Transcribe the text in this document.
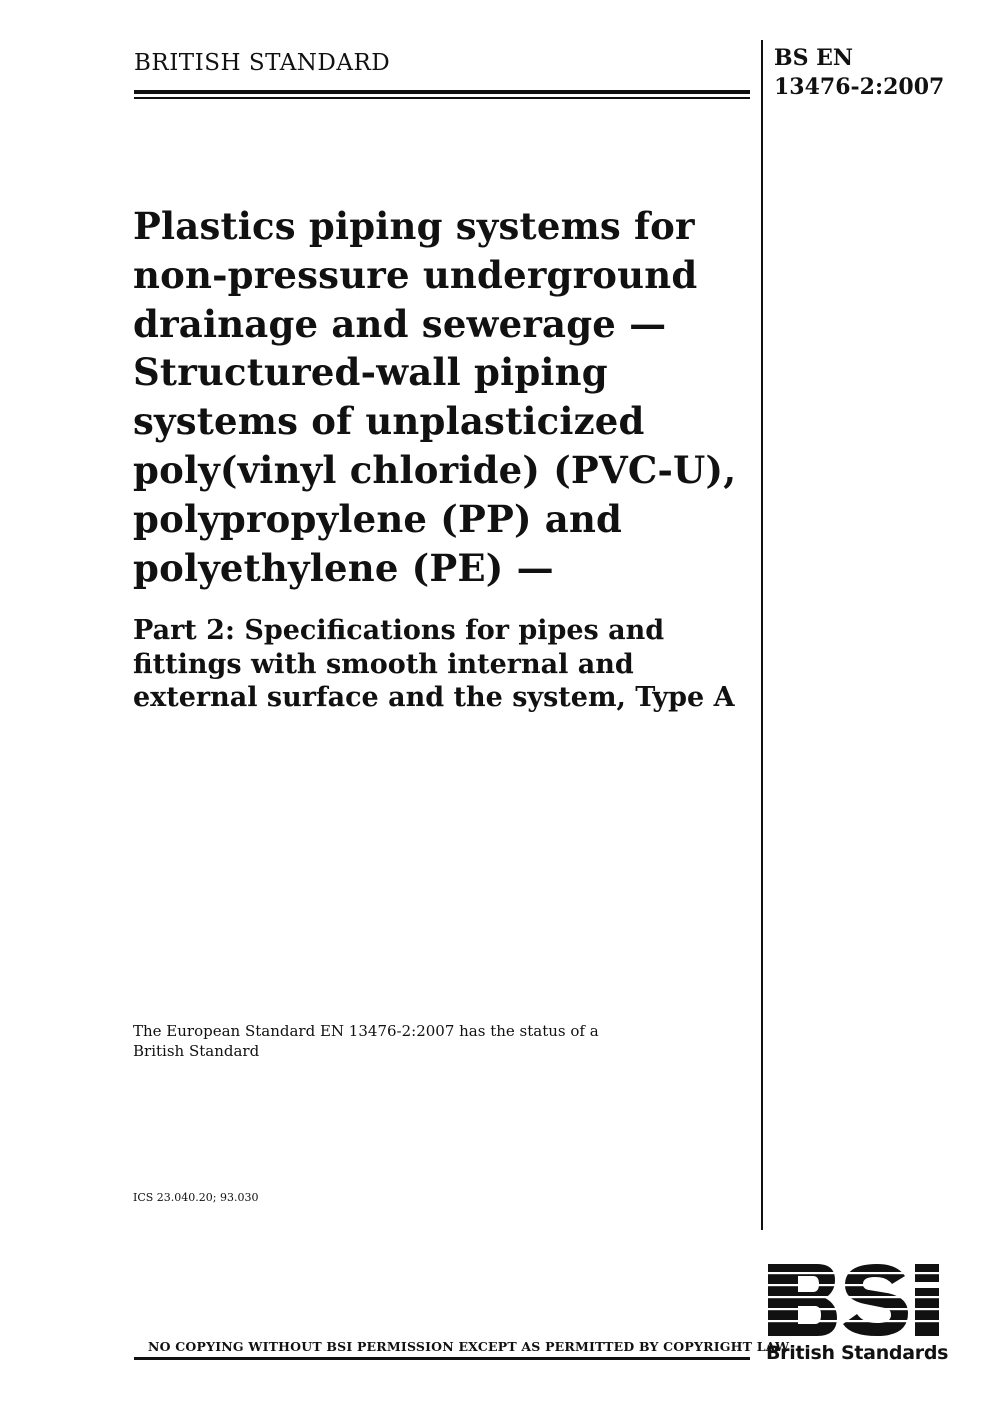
BRITISH STANDARD	BS EN
13476-2:2007
Plastics piping systems for
non-pressure underground
drainage and sewerage —
Structured-wall piping
systems of unplasticized
poly(vinyl chloride) (PVC-U),
polypropylene (PP) and
polyethylene (PE) —
Part 2: Specifications for pipes and
fittings with smooth internal and
external surface and the system, Type A
The European Standard EN 13476-2:2007 has the status of a
British Standard
ICS 23.040.20; 93.030
NO COPYING WITHOUT BSI PERMISSION EXCEPT AS PERMITTED BY COPYRIGHT LAW
British Standards
